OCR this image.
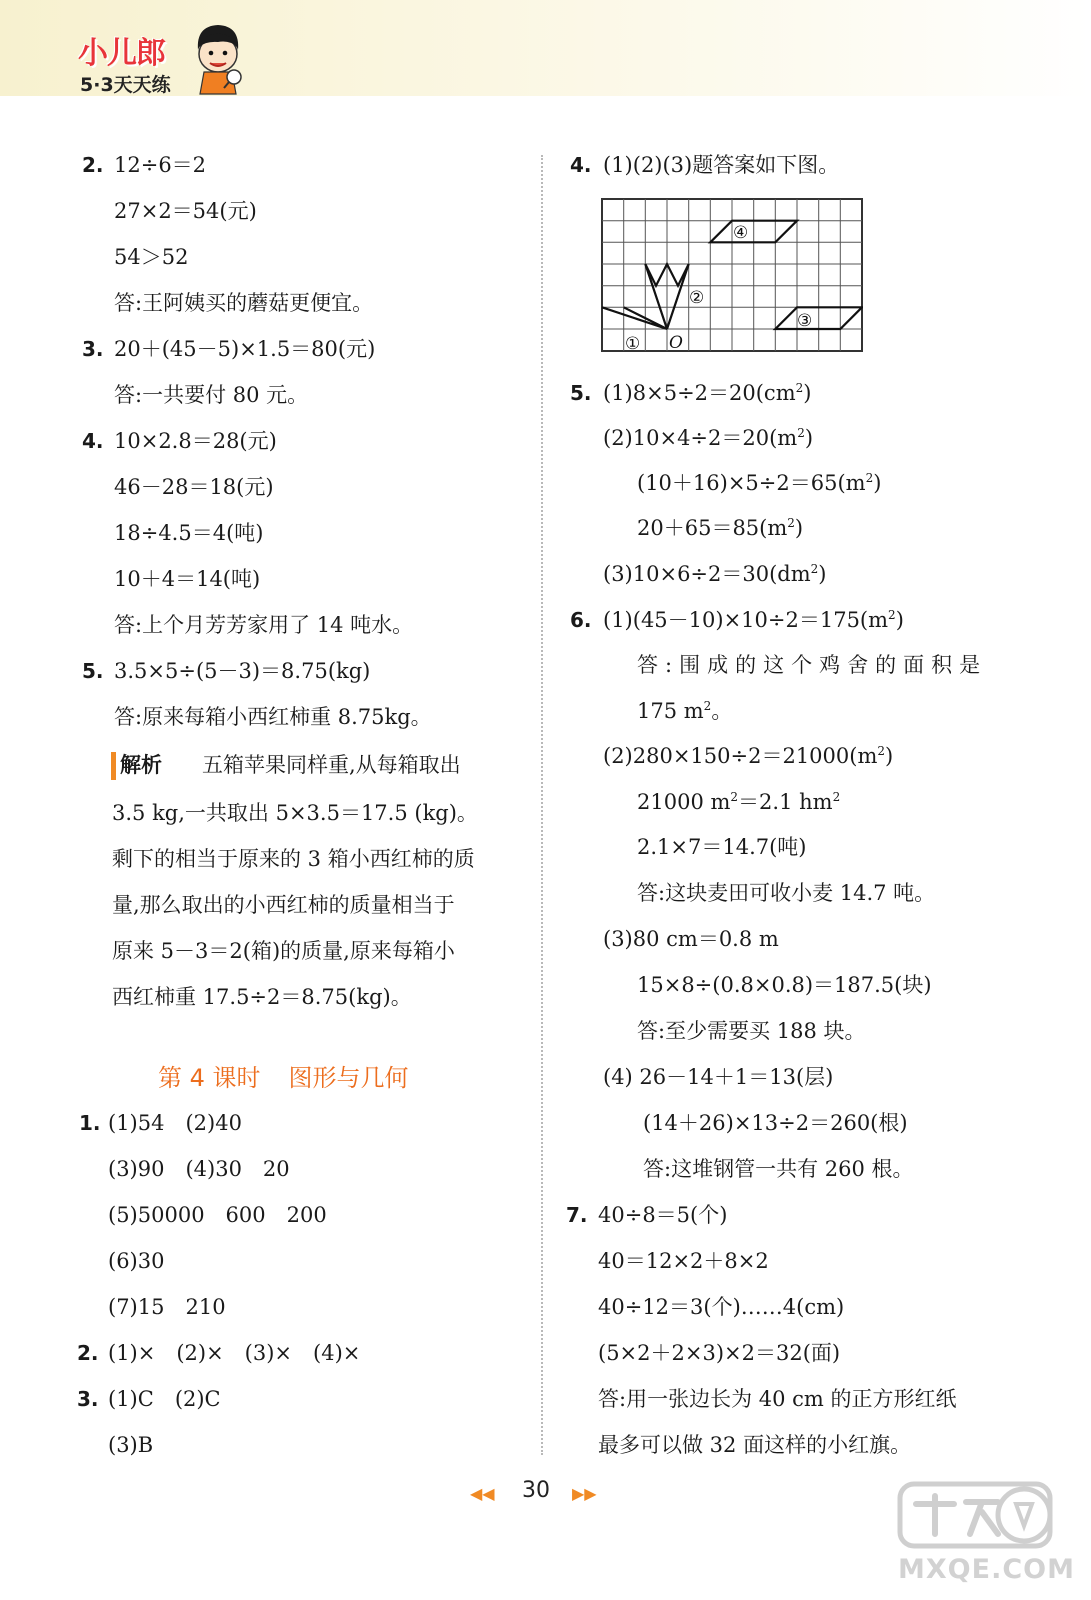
小儿郎
5·3天天练
2. 12÷6＝2
27×2＝54(元)
54＞52
答:王阿姨买的蘑菇更便宜。
3. 20＋(45－5)×1.5＝80(元)
答:一共要付 80 元。
4. 10×2.8＝28(元)
46－28＝18(元)
18÷4.5＝4(吨)
10＋4＝14(吨)
答:上个月芳芳家用了 14 吨水。
5. 3.5×5÷(5－3)＝8.75(kg)
答:原来每箱小西红柿重 8.75kg。
解析 五箱苹果同样重,从每箱取出
3.5 kg,一共取出 5×3.5＝17.5 (kg)。
剩下的相当于原来的 3 箱小西红柿的质
量,那么取出的小西红柿的质量相当于
原来 5－3＝2(箱)的质量,原来每箱小
西红柿重 17.5÷2＝8.75(kg)。
第 4 课时 图形与几何
1. (1)54　(2)40
(3)90　(4)30　20
(5)50000　600　200
(6)30
(7)15　210
2. (1)×　(2)×　(3)×　(4)×
3. (1)C　(2)C
(3)B
4. (1)(2)(3)题答案如下图。
①
②
③
④
O
5. $(1)8\times 5\div 2=20(cm^2)$
$(2)10\times 4\div 2=20(m^2)$
$(10+16)\times 5\div 2=65(m^2)$
$20+65=85(m^2)$
$(3)10\times 6\div 2=30(dm^2)$
6. $(1)(45-10)\times 10\div 2=175(m^2)$
答:围成的这个鸡舍的面积是
175 $m^2$。
$(2)280\times 150\div 2=21000(m^2)$
21000 $m^2=2.1$ $hm^2$
2.1×7＝14.7(吨)
答:这块麦田可收小麦 14.7 吨。
(3)80 cm＝0.8 m
15×8÷(0.8×0.8)＝187.5(块)
答:至少需要买 188 块。
(4) 26－14＋1＝13(层)
(14＋26)×13÷2＝260(根)
答:这堆钢管一共有 260 根。
7. 40÷8＝5(个)
40＝12×2＋8×2
40÷12＝3(个)……4(cm)
(5×2＋2×3)×2＝32(面)
答:用一张边长为 40 cm 的正方形红纸
最多可以做 32 面这样的小红旗。
◀◀ 30 ▶▶
MXQE.COM
